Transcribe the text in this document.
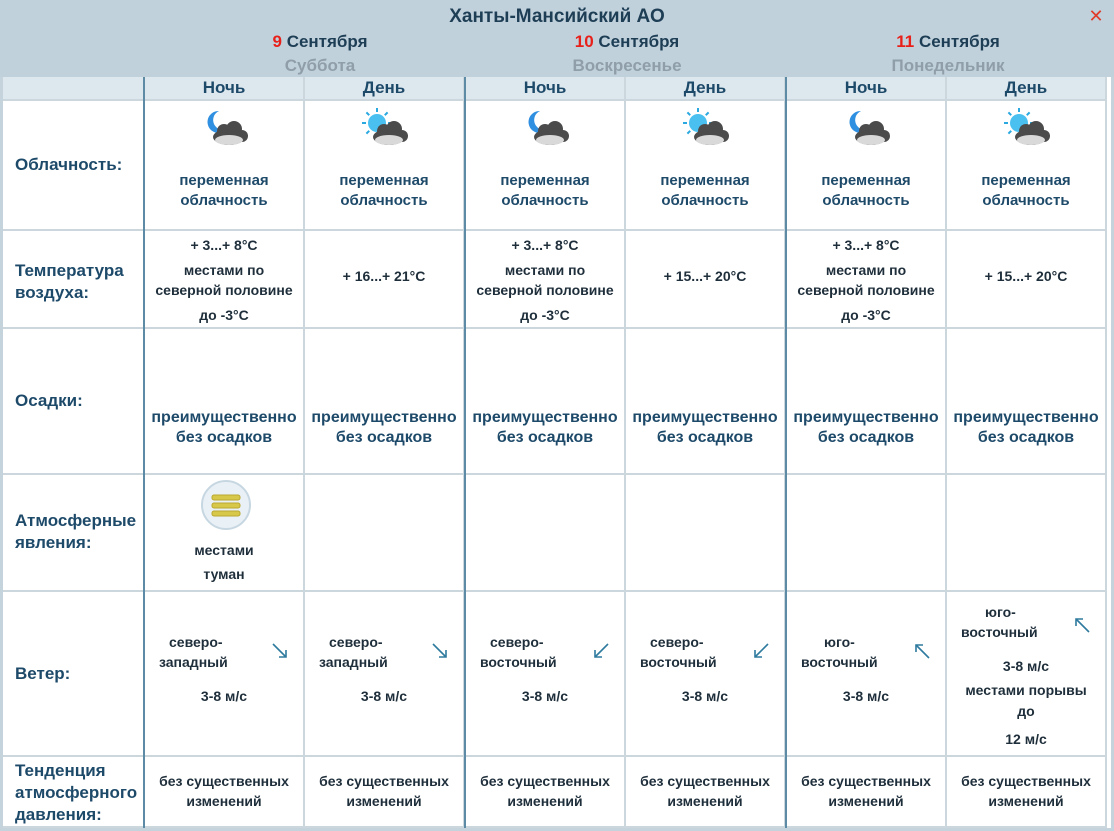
Ханты-Мансийский АО	✕
9 Сентября
Суббота
10 Сентября
Воскресенье
11 Сентября
Понедельник
Облачность:
Температура
воздуха:
Осадки:
Атмосферные
явления:
Ветер:
Тенденция
атмосферного
давления:
Ночь
переменная
облачность
+ 3...+ 8°C
местами по
северной половине
до -3°C
преимущественно
без осадков
местами
туман
северо-
западный
3-8 м/с
без существенных
изменений
День
переменная
облачность
+ 16...+ 21°C
преимущественно
без осадков
северо-
западный
3-8 м/с
без существенных
изменений
Ночь
переменная
облачность
+ 3...+ 8°C
местами по
северной половине
до -3°C
преимущественно
без осадков
северо-
восточный
3-8 м/с
без существенных
изменений
День
переменная
облачность
+ 15...+ 20°C
преимущественно
без осадков
северо-
восточный
3-8 м/с
без существенных
изменений
Ночь
переменная
облачность
+ 3...+ 8°C
местами по
северной половине
до -3°C
преимущественно
без осадков
юго-
восточный
3-8 м/с
без существенных
изменений
День
переменная
облачность
+ 15...+ 20°C
преимущественно
без осадков
юго-
восточный
3-8 м/с
местами порывы
до
12 м/с
без существенных
изменений
